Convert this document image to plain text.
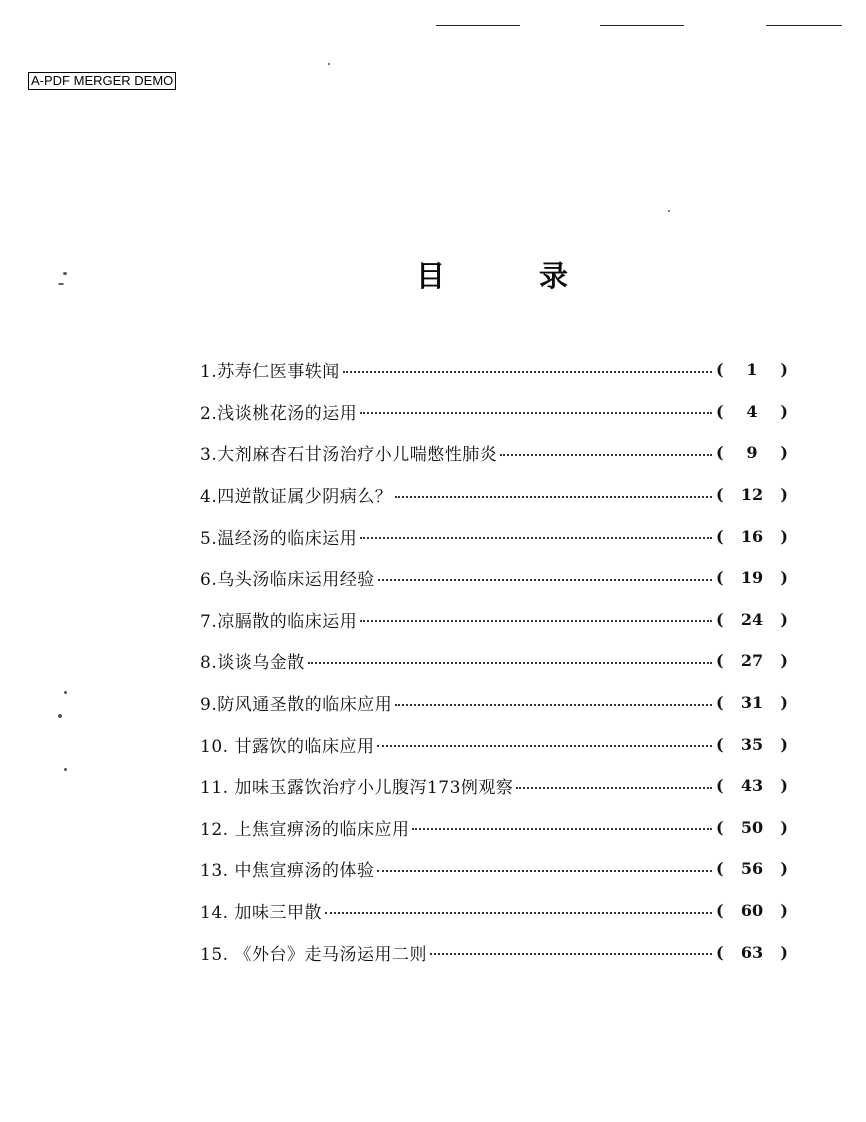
A-PDF MERGER DEMO
目	录
1.苏寿仁医事轶闻	(	1	)
2.浅谈桃花汤的运用	(	4	)
3.大剂麻杏石甘汤治疗小儿喘憋性肺炎	(	9	)
4.四逆散证属少阴病么？	(	12	)
5.温经汤的临床运用	(	16	)
6.乌头汤临床运用经验	(	19	)
7.凉膈散的临床运用	(	24	)
8.谈谈乌金散	(	27	)
9.防风通圣散的临床应用	(	31	)
10. 甘露饮的临床应用	(	35	)
11. 加味玉露饮治疗小儿腹泻173例观察	(	43	)
12. 上焦宣痹汤的临床应用	(	50	)
13. 中焦宣痹汤的体验	(	56	)
14. 加味三甲散	(	60	)
15. 《外台》走马汤运用二则	(	63	)
